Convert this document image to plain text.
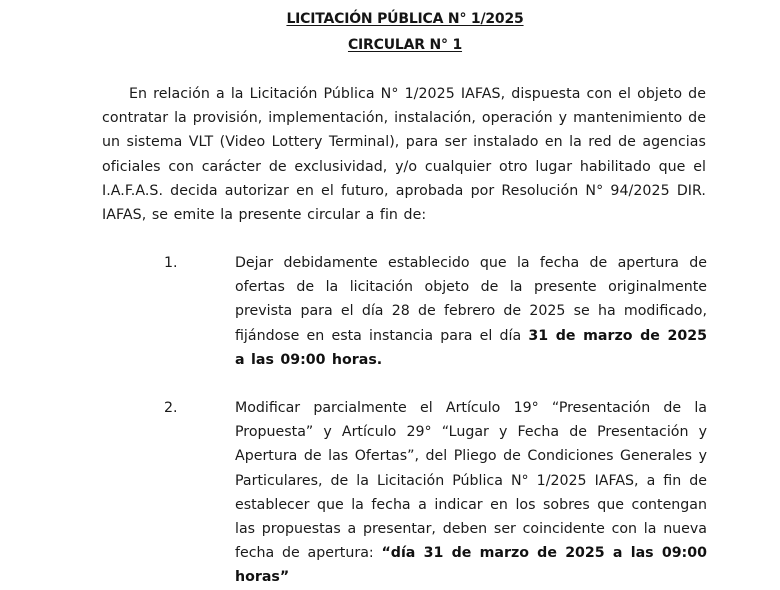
LICITACIÓN PÚBLICA N° 1/2025
CIRCULAR N° 1

En relación a la Licitación Pública N° 1/2025 IAFAS, dispuesta con el objeto de contratar la provisión, implementación, instalación, operación y mantenimiento de un sistema VLT (Video Lottery Terminal), para ser instalado en la red de agencias oficiales con carácter de exclusividad, y/o cualquier otro lugar habilitado que el I.A.F.A.S. decida autorizar en el futuro, aprobada por Resolución N° 94/2025 DIR. IAFAS, se emite la presente circular a fin de:

1.	Dejar debidamente establecido que la fecha de apertura de ofertas de la licitación objeto de la presente originalmente prevista para el día 28 de febrero de 2025 se ha modificado, fijándose en esta instancia para el día 31 de marzo de 2025 a las 09:00 horas.

2.	Modificar parcialmente el Artículo 19° “Presentación de la Propuesta” y Artículo 29° “Lugar y Fecha de Presentación y Apertura de las Ofertas”, del Pliego de Condiciones Generales y Particulares, de la Licitación Pública N° 1/2025 IAFAS, a fin de establecer que la fecha a indicar en los sobres que contengan las propuestas a presentar, deben ser coincidente con la nueva fecha de apertura: “día 31 de marzo de 2025 a las 09:00 horas”
